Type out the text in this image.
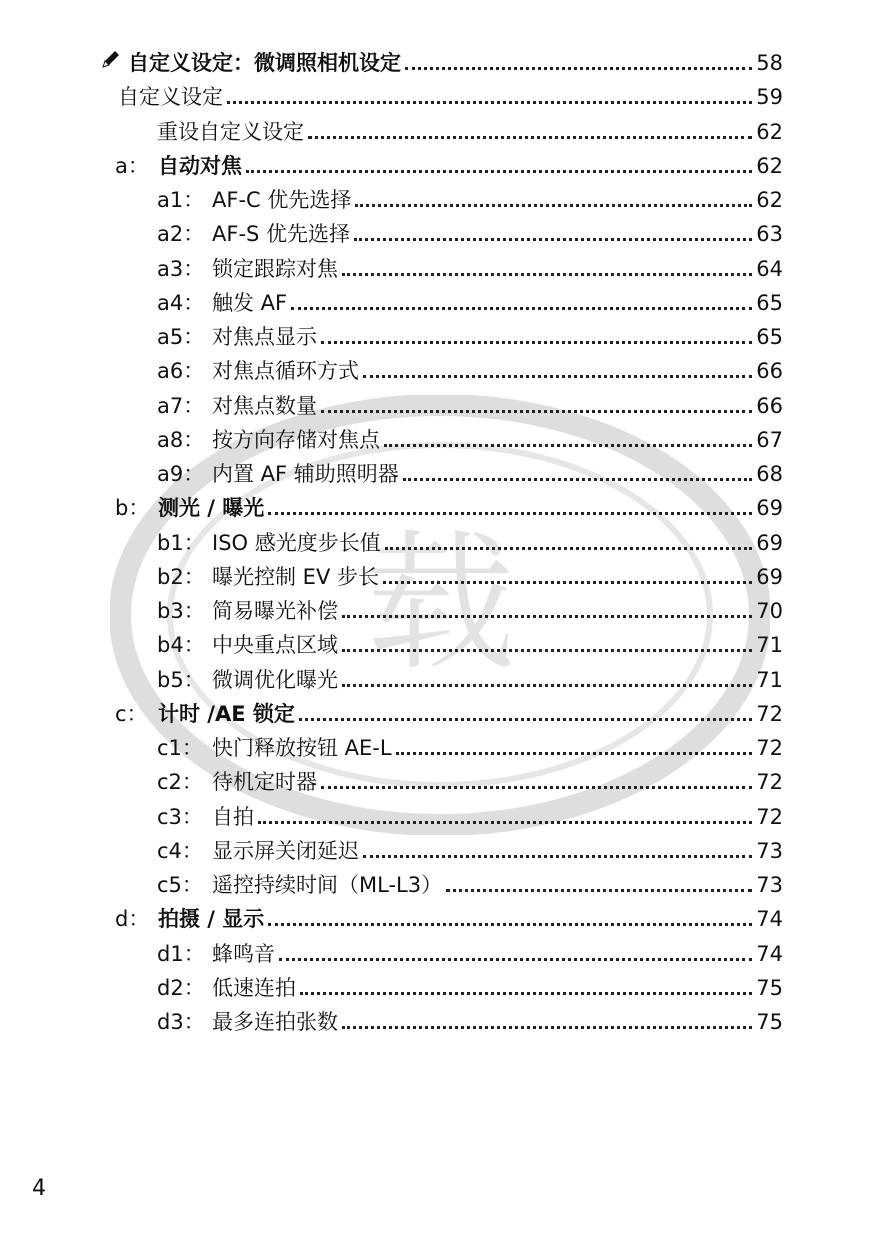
载
自定义设定：微调照相机设定	58
自定义设定	59
重设自定义设定	62
a： 自动对焦	62
a1： AF-C 优先选择	62
a2： AF-S 优先选择	63
a3： 锁定跟踪对焦	64
a4： 触发 AF	65
a5： 对焦点显示	65
a6： 对焦点循环方式	66
a7： 对焦点数量	66
a8： 按方向存储对焦点	67
a9： 内置 AF 辅助照明器	68
b： 测光 / 曝光	69
b1： ISO 感光度步长值	69
b2： 曝光控制 EV 步长	69
b3： 简易曝光补偿	70
b4： 中央重点区域	71
b5： 微调优化曝光	71
c： 计时 /AE 锁定	72
c1： 快门释放按钮 AE-L	72
c2： 待机定时器	72
c3： 自拍	72
c4： 显示屏关闭延迟	73
c5： 遥控持续时间（ML-L3）	73
d： 拍摄 / 显示	74
d1： 蜂鸣音	74
d2： 低速连拍	75
d3： 最多连拍张数	75
4
